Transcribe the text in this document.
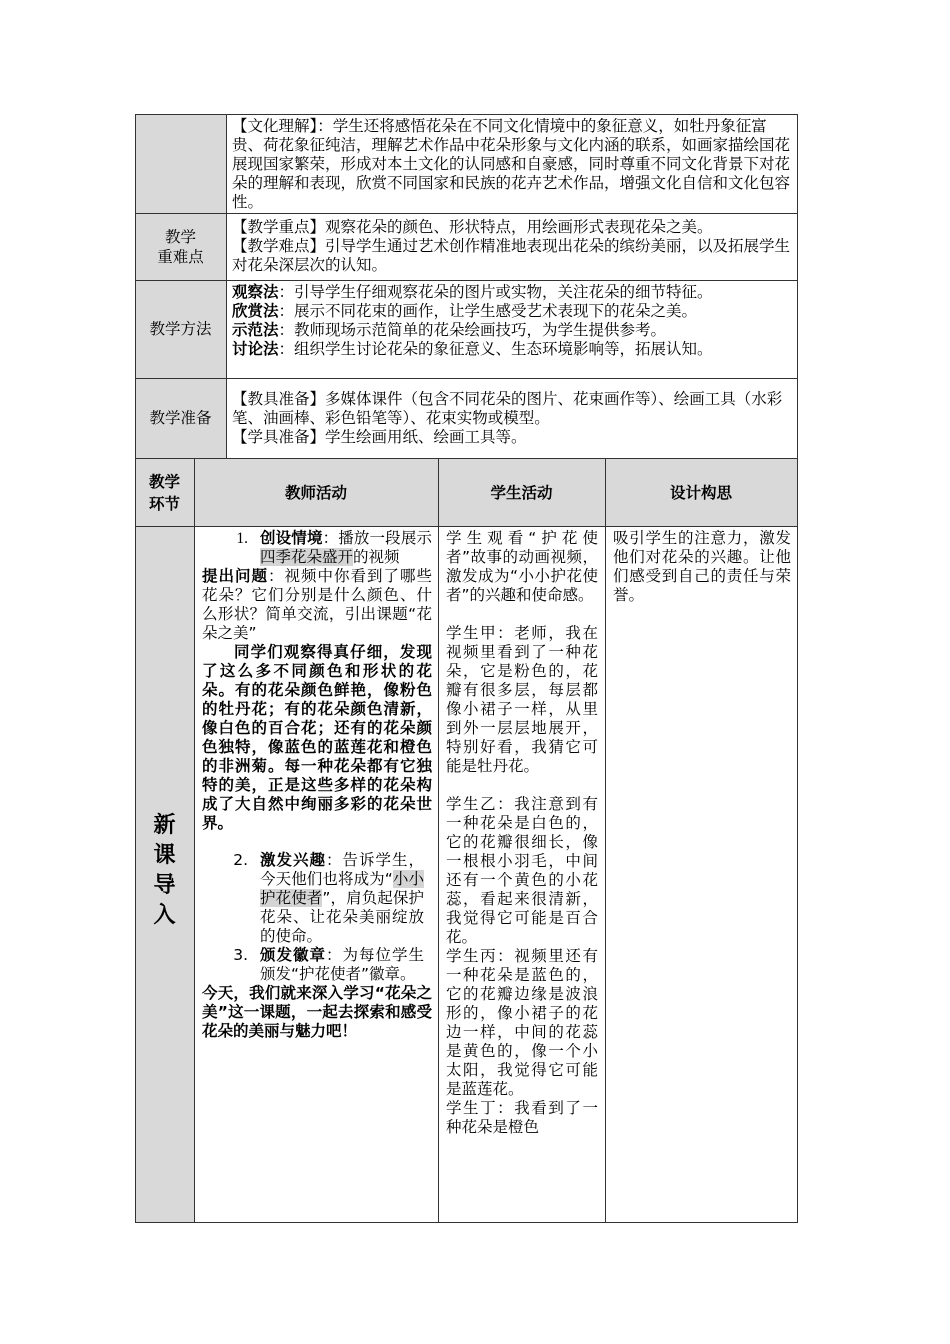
教学
重难点
教学方法
教学准备
教学
环节
教师活动	学生活动	设计构思
新
课
导
入

【文化理解】：学生还将感悟花朵在不同文化情境中的象征意义，如牡丹象征富贵、荷花象征纯洁，理解艺术作品中花朵形象与文化内涵的联系，如画家描绘国花展现国家繁荣，形成对本土文化的认同感和自豪感，同时尊重不同文化背景下对花朵的理解和表现，欣赏不同国家和民族的花卉艺术作品，增强文化自信和文化包容性。

【教学重点】观察花朵的颜色、形状特点，用绘画形式表现花朵之美。

【教学难点】引导学生通过艺术创作精准地表现出花朵的缤纷美丽，以及拓展学生对花朵深层次的认知。

观察法：引导学生仔细观察花朵的图片或实物，关注花朵的细节特征。

欣赏法：展示不同花束的画作，让学生感受艺术表现下的花朵之美。

示范法：教师现场示范简单的花朵绘画技巧，为学生提供参考。

讨论法：组织学生讨论花朵的象征意义、生态环境影响等，拓展认知。

【教具准备】多媒体课件（包含不同花朵的图片、花束画作等）、绘画工具（水彩笔、油画棒、彩色铅笔等）、花束实物或模型。

【学具准备】学生绘画用纸、绘画工具等。

1. 创设情境：播放一段展示四季花朵盛开的视频

提出问题：视频中你看到了哪些花朵？它们分别是什么颜色、什么形状？简单交流，引出课题“花朵之美”

同学们观察得真仔细，发现了这么多不同颜色和形状的花朵。有的花朵颜色鲜艳，像粉色的牡丹花；有的花朵颜色清新，像白色的百合花；还有的花朵颜色独特，像蓝色的蓝莲花和橙色的非洲菊。每一种花朵都有它独特的美，正是这些多样的花朵构成了大自然中绚丽多彩的花朵世界。

2. 激发兴趣：告诉学生，今天他们也将成为“小小护花使者”，肩负起保护花朵、让花朵美丽绽放的使命。
3. 颁发徽章：为每位学生颁发“护花使者”徽章。

今天，我们就来深入学习“花朵之美”这一课题，一起去探索和感受花朵的美丽与魅力吧！

学生观看“护花使者”故事的动画视频，激发成为“小小护花使者”的兴趣和使命感。

学生甲：老师，我在视频里看到了一种花朵，它是粉色的，花瓣有很多层，每层都像小裙子一样，从里到外一层层地展开，特别好看，我猜它可能是牡丹花。

学生乙：我注意到有一种花朵是白色的，它的花瓣很细长，像一根根小羽毛，中间还有一个黄色的小花蕊，看起来很清新，我觉得它可能是百合花。

学生丙：视频里还有一种花朵是蓝色的，它的花瓣边缘是波浪形的，像小裙子的花边一样，中间的花蕊是黄色的，像一个小太阳，我觉得它可能是蓝莲花。

学生丁：我看到了一种花朵是橙色

吸引学生的注意力，激发他们对花朵的兴趣。让他们感受到自己的责任与荣誉。
